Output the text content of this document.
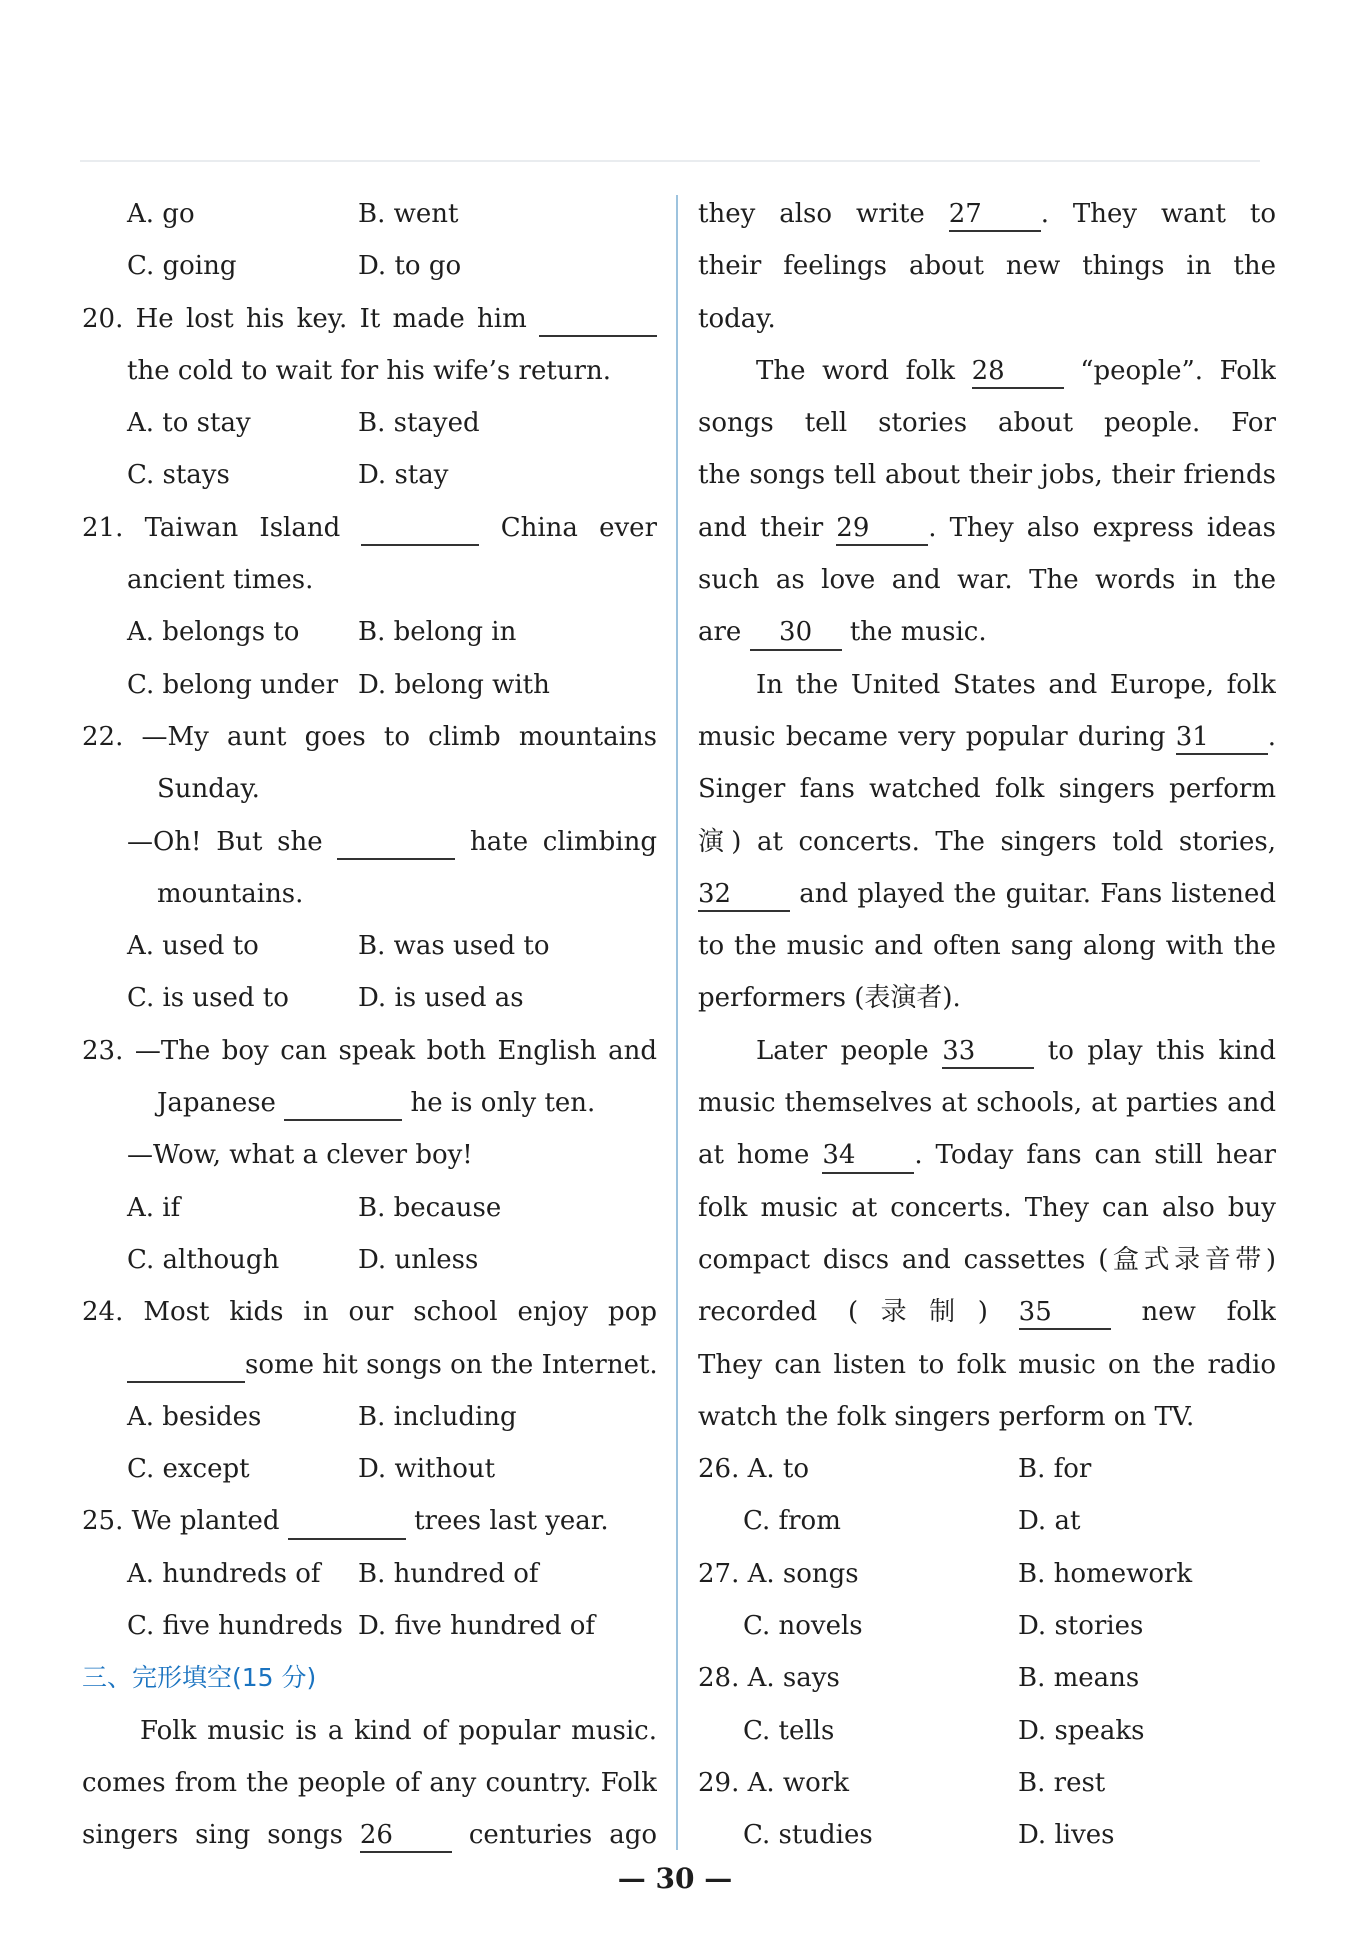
A. go	B. went
C. going	D. to go
20. He lost his key. It made him
the cold to wait for his wife’s return.
A. to stay	B. stayed
C. stays	D. stay
21. Taiwan Island	China ever
ancient times.
A. belongs to	B. belong in
C. belong under D. belong with
22. —My aunt goes to climb mountains
Sunday.
—Oh! But she	hate climbing
mountains.
A. used to	B. was used to
C. is used to	D. is used as
23. —The boy can speak both English and
Japanese	he is only ten.
—Wow, what a clever boy!
A. if	B. because
C. although	D. unless
24. Most kids in our school enjoy pop
some hit songs on the Internet.
A. besides	B. including
C. except	D. without
25. We planted	trees last year.
A. hundreds of	B. hundred of
C. five hundreds D. five hundred of
三、完形填空(15 分)
Folk music is a kind of popular music.
comes from the people of any country. Folk
singers sing songs 26	centuries ago
they also write 27 . They want to
their feelings about new things in the
today.
The word folk 28	“people”. Folk
songs tell stories about people. For
the songs tell about their jobs, their friends
and their 29 . They also express ideas
such as love and war. The words in the
are 30 the music.
In the United States and Europe, folk
music became very popular during 31 .
Singer fans watched folk singers perform
演) at concerts. The singers told stories,
32	and played the guitar. Fans listened
to the music and often sang along with the
performers (表演者).
Later people 33	to play this kind
music themselves at schools, at parties and
at home 34 . Today fans can still hear
folk music at concerts. They can also buy
compact discs and cassettes (盒式录音带)
recorded (录制) 35	new folk
They can listen to folk music on the radio
watch the folk singers perform on TV.
26. A. to	B. for
C. from	D. at
27. A. songs	B. homework
C. novels	D. stories
28. A. says	B. means
C. tells	D. speaks
29. A. work	B. rest
C. studies	D. lives
— 30 —
